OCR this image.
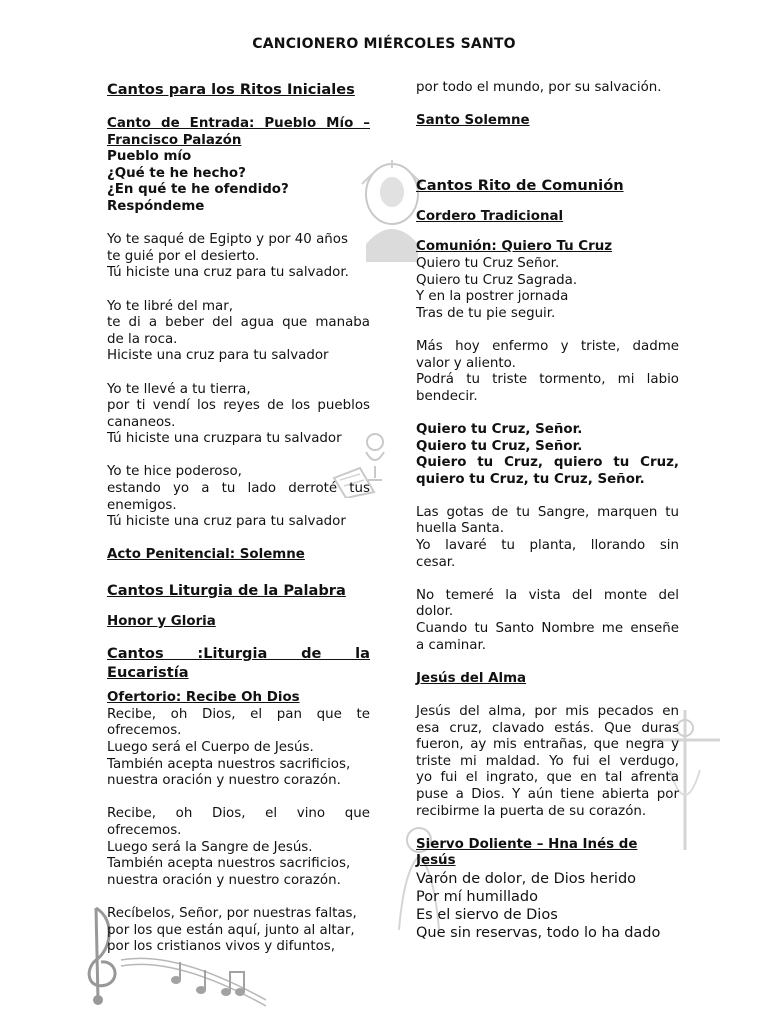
CANCIONERO MIÉRCOLES SANTO

Cantos para los Ritos Iniciales

Canto de Entrada: Pueblo Mío –
Francisco Palazón

Pueblo mío
¿Qué te he hecho?
¿En qué te he ofendido?
Respóndeme

Yo te saqué de Egipto y por 40 años
te guié por el desierto.
Tú hiciste una cruz para tu salvador.

Yo te libré del mar,
te di a beber del agua que manaba
de la roca.
Hiciste una cruz para tu salvador

Yo te llevé a tu tierra,
por ti vendí los reyes de los pueblos
cananeos.
Tú hiciste una cruzpara tu salvador

Yo te hice poderoso,
estando yo a tu lado derroté tus
enemigos.
Tú hiciste una cruz para tu salvador

Acto Penitencial: Solemne

Cantos Liturgia de la Palabra

Honor y Gloria

Cantos :Liturgia de la
Eucaristía

Ofertorio: Recibe Oh Dios

Recibe, oh Dios, el pan que te
ofrecemos.
Luego será el Cuerpo de Jesús.
También acepta nuestros sacrificios,
nuestra oración y nuestro corazón.

Recibe, oh Dios, el vino que
ofrecemos.
Luego será la Sangre de Jesús.
También acepta nuestros sacrificios,
nuestra oración y nuestro corazón.

Recíbelos, Señor, por nuestras faltas,
por los que están aquí, junto al altar,
por los cristianos vivos y difuntos,

por todo el mundo, por su salvación.

Santo Solemne

Cantos Rito de Comunión

Cordero Tradicional

Comunión: Quiero Tu Cruz

Quiero tu Cruz Señor.
Quiero tu Cruz Sagrada.
Y en la postrer jornada
Tras de tu pie seguir.

Más hoy enfermo y triste, dadme
valor y aliento.
Podrá tu triste tormento, mi labio
bendecir.

Quiero tu Cruz, Señor.
Quiero tu Cruz, Señor.
Quiero tu Cruz, quiero tu Cruz,
quiero tu Cruz, tu Cruz, Señor.

Las gotas de tu Sangre, marquen tu
huella Santa.
Yo lavaré tu planta, llorando sin
cesar.

No temeré la vista del monte del
dolor.
Cuando tu Santo Nombre me enseñe
a caminar.

Jesús del Alma

Jesús del alma, por mis pecados en
esa cruz, clavado estás. Que duras
fueron, ay mis entrañas, que negra y
triste mi maldad. Yo fui el verdugo,
yo fui el ingrato, que en tal afrenta
puse a Dios. Y aún tiene abierta por
recibirme la puerta de su corazón.

Siervo Doliente – Hna Inés de Jesús

Varón de dolor, de Dios herido
Por mí humillado
Es el siervo de Dios
Que sin reservas, todo lo ha dado
